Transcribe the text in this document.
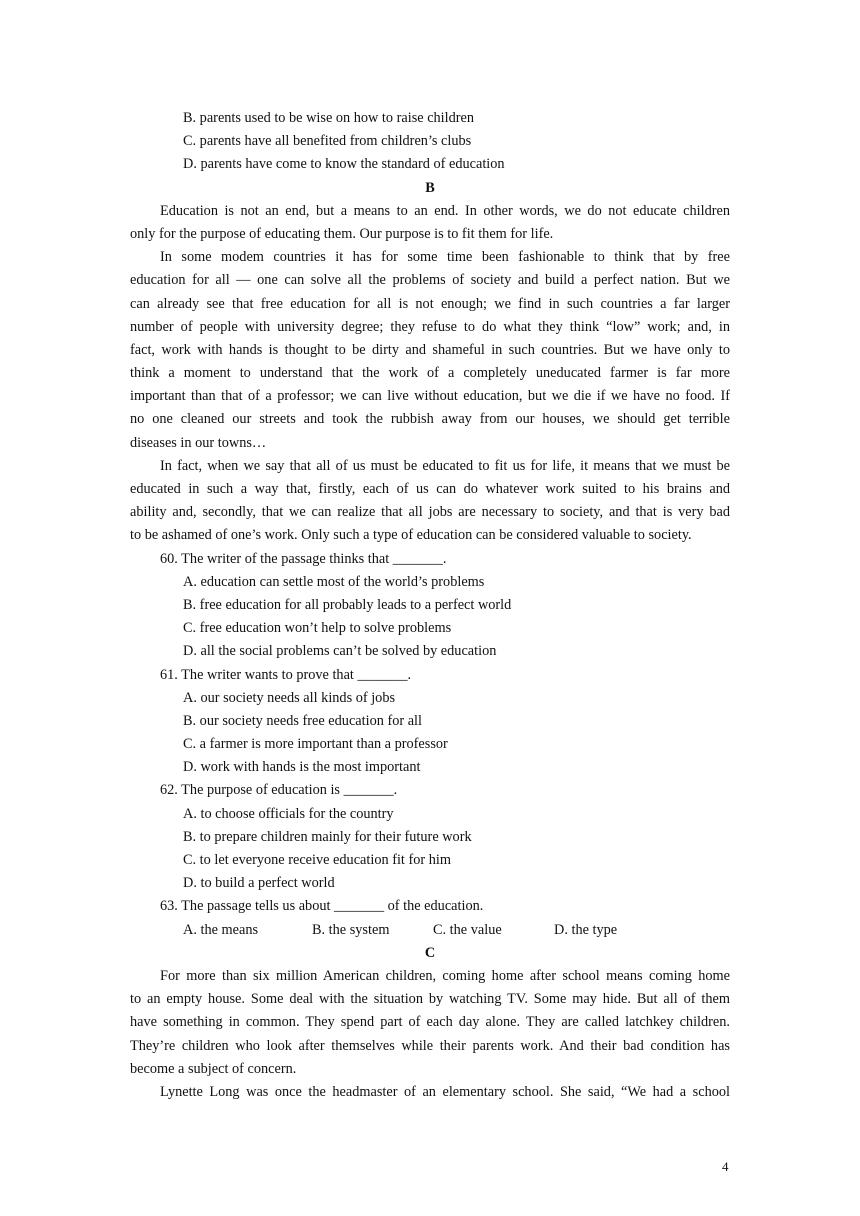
B. parents used to be wise on how to raise children
C. parents have all benefited from children’s clubs
D. parents have come to know the standard of education
B
Education is not an end, but a means to an end. In other words, we do not educate children
only for the purpose of educating them. Our purpose is to fit them for life.
In some modem countries it has for some time been fashionable to think that by free
education for all — one can solve all the problems of society and build a perfect nation. But we
can already see that free education for all is not enough; we find in such countries a far larger
number of people with university degree; they refuse to do what they think “low” work; and, in
fact, work with hands is thought to be dirty and shameful in such countries. But we have only to
think a moment to understand that the work of a completely uneducated farmer is far more
important than that of a professor; we can live without education, but we die if we have no food. If
no one cleaned our streets and took the rubbish away from our houses, we should get terrible
diseases in our towns…
In fact, when we say that all of us must be educated to fit us for life, it means that we must be
educated in such a way that, firstly, each of us can do whatever work suited to his brains and
ability and, secondly, that we can realize that all jobs are necessary to society, and that is very bad
to be ashamed of one’s work. Only such a type of education can be considered valuable to society.
60. The writer of the passage thinks that _______.
A. education can settle most of the world’s problems
B. free education for all probably leads to a perfect world
C. free education won’t help to solve problems
D. all the social problems can’t be solved by education
61. The writer wants to prove that _______.
A. our society needs all kinds of jobs
B. our society needs free education for all
C. a farmer is more important than a professor
D. work with hands is the most important
62. The purpose of education is _______.
A. to choose officials for the country
B. to prepare children mainly for their future work
C. to let everyone receive education fit for him
D. to build a perfect world
63. The passage tells us about _______ of the education.
A. the means	B. the system	C. the value	D. the type
C
For more than six million American children, coming home after school means coming home
to an empty house. Some deal with the situation by watching TV. Some may hide. But all of them
have something in common. They spend part of each day alone. They are called latchkey children.
They’re children who look after themselves while their parents work. And their bad condition has
become a subject of concern.
Lynette Long was once the headmaster of an elementary school. She said, “We had a school
4
